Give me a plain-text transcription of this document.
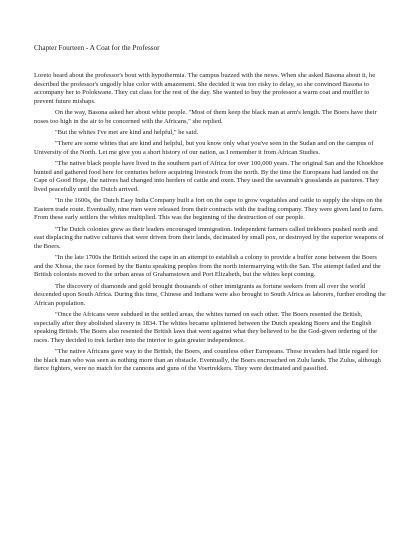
Chapter Fourteen - A Coat for the Professor

Loreto heard about the professor's bout with hypothermia. The campus buzzed with the news. When she asked Basona about it, he described the professor's ungodly blue color with amazement. She decided it was too risky to delay, so she convinced Basona to accompany her to Polokwane. They cut class for the rest of the day. She wanted to buy the professor a warm coat and muffler to prevent future mishaps.

On the way, Basona asked her about white people. "Most of them keep the black man at arm's length. The Boers have their noses too high in the air to be concerned with the Africans," she replied.

"But the whites I've met are kind and helpful," he said.

"There are some whites that are kind and helpful, but you know only what you've seen in the Sudan and on the campus of University of the North. Let me give you a short history of our nation, as I remember it from African Studies.

"The native black people have lived in the southern part of Africa for over 100,000 years. The original San and the Khoekhoe hunted and gathered food here for centuries before acquiring livestock from the north. By the time the Europeans had landed on the Cape of Good Hope, the natives had changed into herders of cattle and oxen. They used the savannah's grasslands as pastures. They lived peacefully until the Dutch arrived.

"In the 1600s, the Dutch Easy India Company built a fort on the cape to grow vegetables and cattle to supply the ships on the Eastern trade route. Eventually, nine men were released from their contracts with the trading company. They were given land to farm. From these early settlers the whites multiplied. This was the beginning of the destruction of our people.

"The Dutch colonies grew as their leaders encouraged immigration. Independent farmers called trekboers pushed north and east displacing the native cultures that were driven from their lands, decimated by small pox, or destroyed by the superior weapons of the Boers.

"In the late 1700s the British seized the cape in an attempt to establish a colony to provide a buffer zone between the Boers and the Xhosa, the race formed by the Bantu speaking peoples from the north intermarrying with the San. The attempt failed and the British colonists moved to the urban areas of Grahamstown and Port Elizabeth, but the whites kept coming.

The discovery of diamonds and gold brought thousands of other immigrants as fortune seekers from all over the world descended upon South Africa. During this time, Chinese and Indians were also brought to South Africa as laborers, further eroding the African population.

"Once the Africans were subdued in the settled areas, the whites turned on each other. The Boers resented the British, especially after they abolished slavery in 1834. The whites became splintered between the Dutch speaking Boers and the English speaking British. The Boers also resented the British laws that went against what they believed to be the God-given ordering of the races. They decided to trek farther into the interior to gain greater independence.

"The native Africans gave way to the British, the Boers, and countless other Europeans. These invaders had little regard for the black man who was seen as nothing more than an obstacle. Eventually, the Boers encroached on Zulu lands. The Zulus, although fierce fighters, were no match for the cannons and guns of the Voertrekkers. They were decimated and passified.
